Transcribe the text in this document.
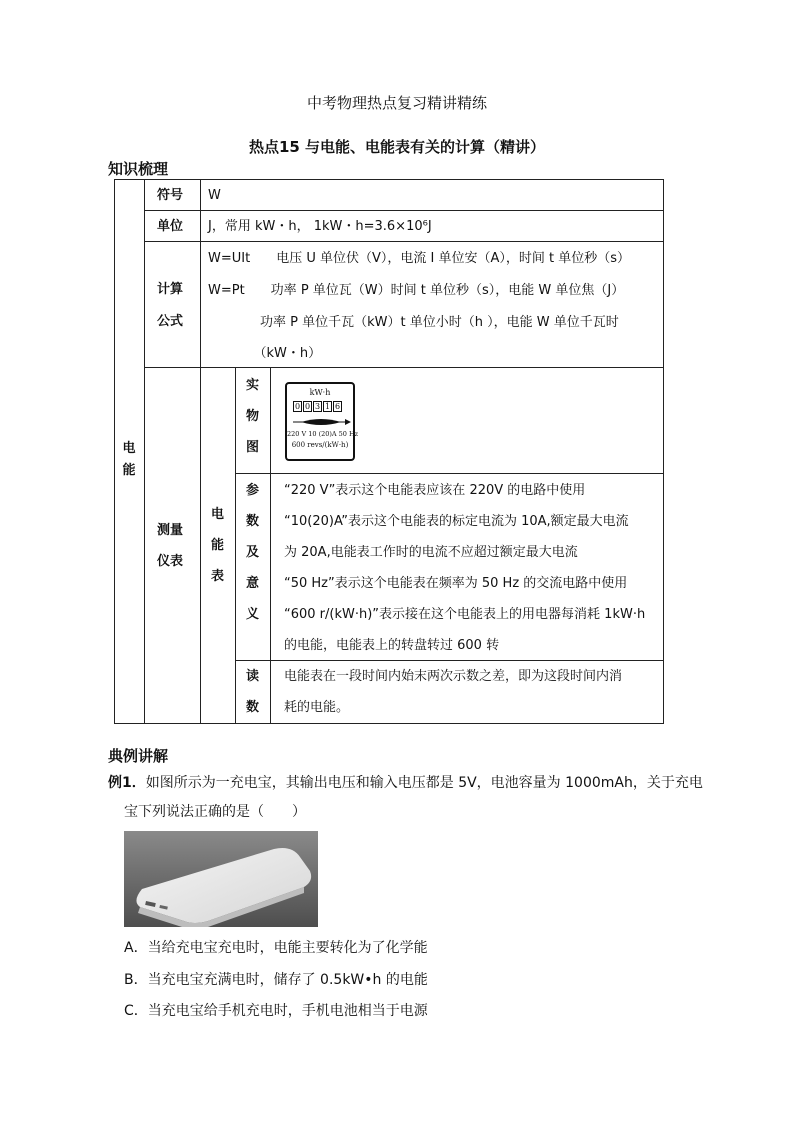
中考物理热点复习精讲精练
热点15 与电能、电能表有关的计算（精讲）
知识梳理
电能
符号 W
单位 J，常用 kW・h， 1kW・h=3.6×10⁶J
计算
公式
W=UIt　　电压 U 单位伏（V），电流 I 单位安（A），时间 t 单位秒（s）
W=Pt　　功率 P 单位瓦（W）时间 t 单位秒（s），电能 W 单位焦（J）
　　　　功率 P 单位千瓦（kW）t 单位小时（h ），电能 W 单位千瓦时
　　　　（kW・h）
测量
仪表
电
能
表
实
物
图
kW·h
0 0 3 1 6
220 V 10 (20)A 50 Hz
600 revs/(kW·h)
参
数
及
意
义
“220 V”表示这个电能表应该在 220V 的电路中使用
“10(20)A”表示这个电能表的标定电流为 10A,额定最大电流
为 20A,电能表工作时的电流不应超过额定最大电流
“50 Hz”表示这个电能表在频率为 50 Hz 的交流电路中使用
“600 r/(kW·h)”表示接在这个电能表上的用电器每消耗 1kW·h
的电能，电能表上的转盘转过 600 转
读
数
电能表在一段时间内始末两次示数之差，即为这段时间内消
耗的电能。
典例讲解
例1．如图所示为一充电宝，其输出电压和输入电压都是 5V，电池容量为 1000mAh，关于充电
宝下列说法正确的是（　　）
A．当给充电宝充电时，电能主要转化为了化学能
B．当充电宝充满电时，储存了 0.5kW•h 的电能
C．当充电宝给手机充电时，手机电池相当于电源
